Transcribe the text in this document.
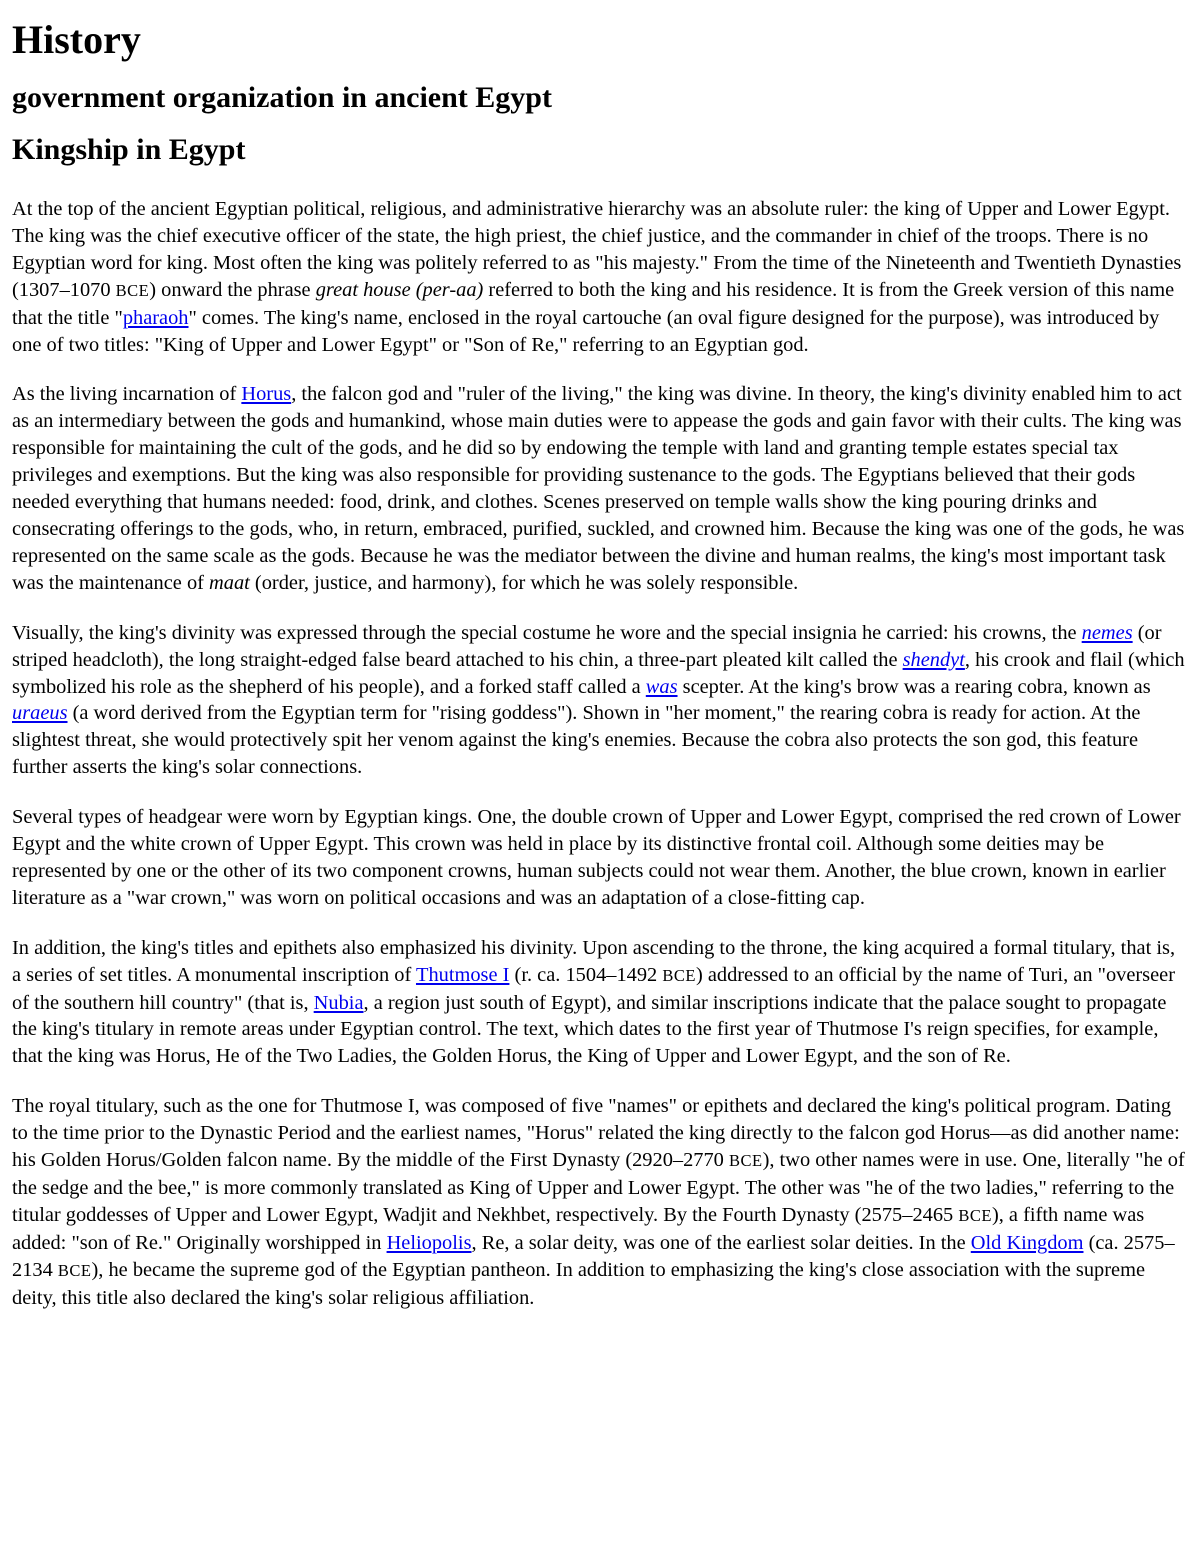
History
government organization in ancient Egypt
Kingship in Egypt

At the top of the ancient Egyptian political, religious, and administrative hierarchy was an absolute ruler: the king of Upper and Lower Egypt. The king was the chief executive officer of the state, the high priest, the chief justice, and the commander in chief of the troops. There is no Egyptian word for king. Most often the king was politely referred to as "his majesty." From the time of the Nineteenth and Twentieth Dynasties (1307–1070 BCE) onward the phrase great house (per-aa) referred to both the king and his residence. It is from the Greek version of this name that the title "pharaoh" comes. The king's name, enclosed in the royal cartouche (an oval figure designed for the purpose), was introduced by one of two titles: "King of Upper and Lower Egypt" or "Son of Re," referring to an Egyptian god.

As the living incarnation of Horus, the falcon god and "ruler of the living," the king was divine. In theory, the king's divinity enabled him to act as an intermediary between the gods and humankind, whose main duties were to appease the gods and gain favor with their cults. The king was responsible for maintaining the cult of the gods, and he did so by endowing the temple with land and granting temple estates special tax privileges and exemptions. But the king was also responsible for providing sustenance to the gods. The Egyptians believed that their gods needed everything that humans needed: food, drink, and clothes. Scenes preserved on temple walls show the king pouring drinks and consecrating offerings to the gods, who, in return, embraced, purified, suckled, and crowned him. Because the king was one of the gods, he was represented on the same scale as the gods. Because he was the mediator between the divine and human realms, the king's most important task was the maintenance of maat (order, justice, and harmony), for which he was solely responsible.

Visually, the king's divinity was expressed through the special costume he wore and the special insignia he carried: his crowns, the nemes (or striped headcloth), the long straight-edged false beard attached to his chin, a three-part pleated kilt called the shendyt, his crook and flail (which symbolized his role as the shepherd of his people), and a forked staff called a was scepter. At the king's brow was a rearing cobra, known as uraeus (a word derived from the Egyptian term for "rising goddess"). Shown in "her moment," the rearing cobra is ready for action. At the slightest threat, she would protectively spit her venom against the king's enemies. Because the cobra also protects the son god, this feature further asserts the king's solar connections.

Several types of headgear were worn by Egyptian kings. One, the double crown of Upper and Lower Egypt, comprised the red crown of Lower Egypt and the white crown of Upper Egypt. This crown was held in place by its distinctive frontal coil. Although some deities may be represented by one or the other of its two component crowns, human subjects could not wear them. Another, the blue crown, known in earlier literature as a "war crown," was worn on political occasions and was an adaptation of a close-fitting cap.

In addition, the king's titles and epithets also emphasized his divinity. Upon ascending to the throne, the king acquired a formal titulary, that is, a series of set titles. A monumental inscription of Thutmose I (r. ca. 1504–1492 BCE) addressed to an official by the name of Turi, an "overseer of the southern hill country" (that is, Nubia, a region just south of Egypt), and similar inscriptions indicate that the palace sought to propagate the king's titulary in remote areas under Egyptian control. The text, which dates to the first year of Thutmose I's reign specifies, for example, that the king was Horus, He of the Two Ladies, the Golden Horus, the King of Upper and Lower Egypt, and the son of Re.

The royal titulary, such as the one for Thutmose I, was composed of five "names" or epithets and declared the king's political program. Dating to the time prior to the Dynastic Period and the earliest names, "Horus" related the king directly to the falcon god Horus—as did another name: his Golden Horus/Golden falcon name. By the middle of the First Dynasty (2920–2770 BCE), two other names were in use. One, literally "he of the sedge and the bee," is more commonly translated as King of Upper and Lower Egypt. The other was "he of the two ladies," referring to the titular goddesses of Upper and Lower Egypt, Wadjit and Nekhbet, respectively. By the Fourth Dynasty (2575–2465 BCE), a fifth name was added: "son of Re." Originally worshipped in Heliopolis, Re, a solar deity, was one of the earliest solar deities. In the Old Kingdom (ca. 2575–2134 BCE), he became the supreme god of the Egyptian pantheon. In addition to emphasizing the king's close association with the supreme deity, this title also declared the king's solar religious affiliation.
